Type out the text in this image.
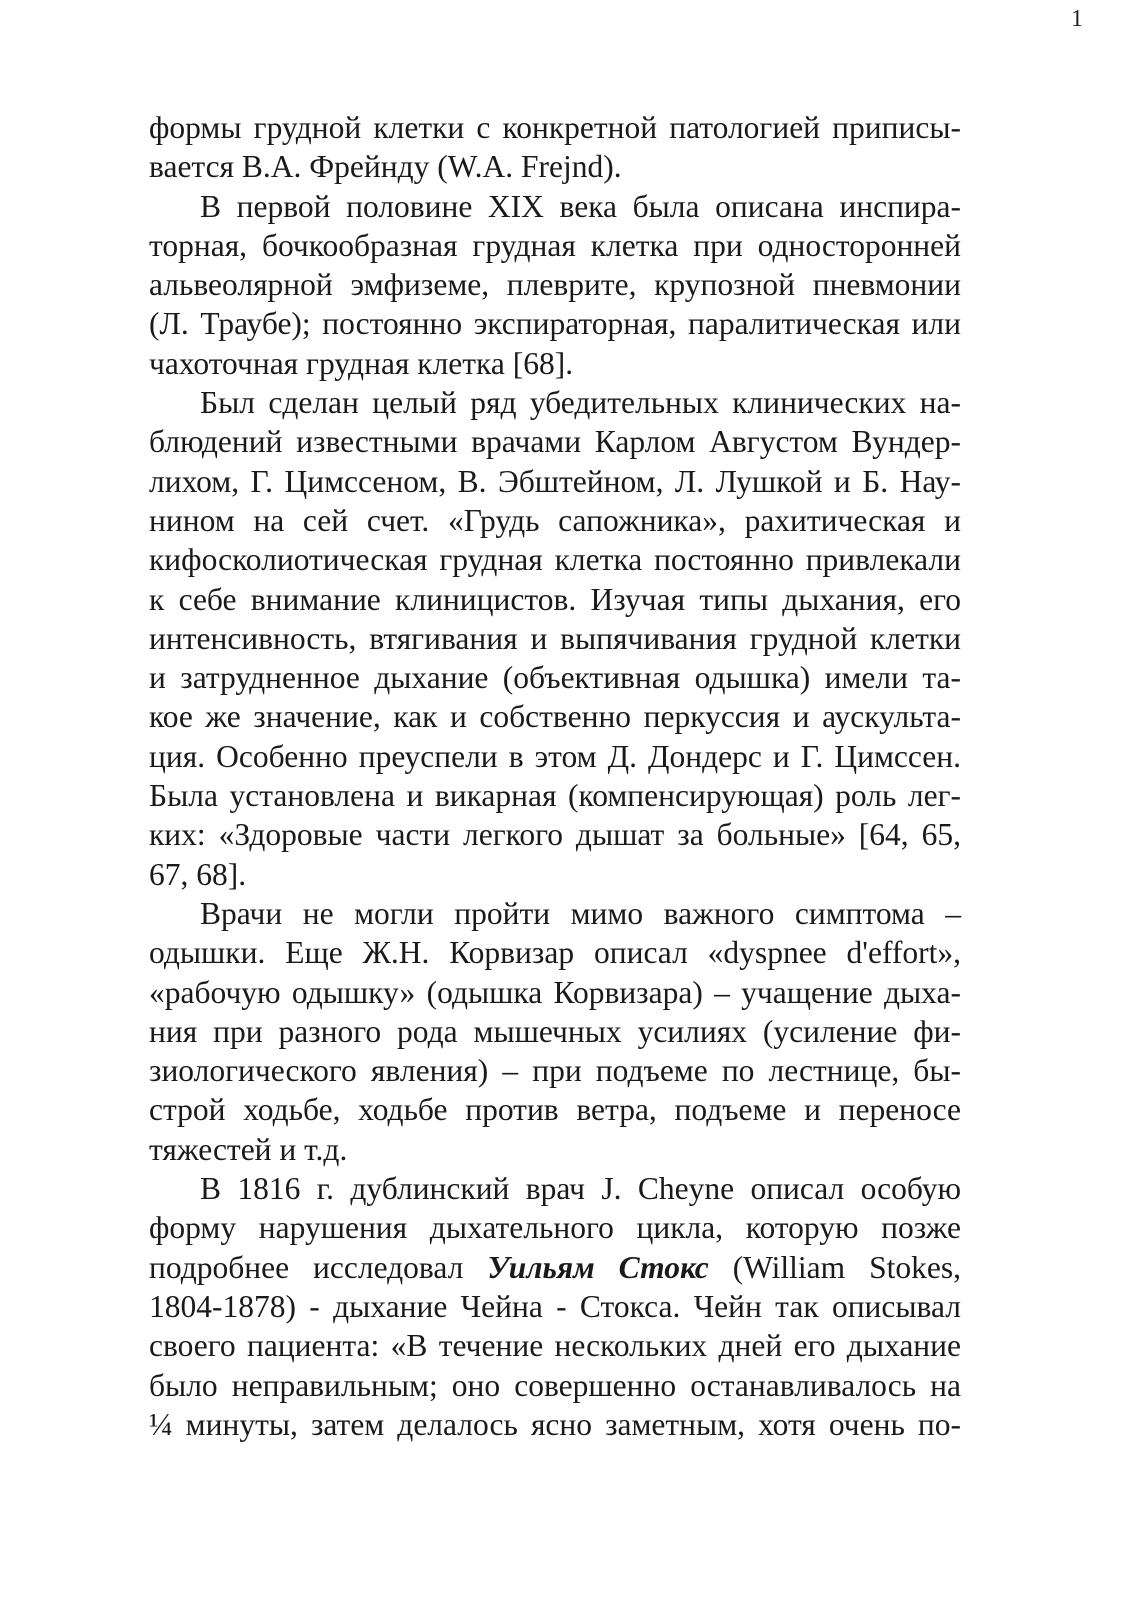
1
формы грудной клетки с конкретной патологией приписы-
вается В.А. Фрейнду (W.A. Frejnd).
В первой половине XIX века была описана инспира-
торная, бочкообразная грудная клетка при односторонней
альвеолярной эмфиземе, плеврите, крупозной пневмонии
(Л. Траубе); постоянно экспираторная, паралитическая или
чахоточная грудная клетка [68].
Был сделан целый ряд убедительных клинических на-
блюдений известными врачами Карлом Августом Вундер-
лихом, Г. Цимссеном, В. Эбштейном, Л. Лушкой и Б. Нау-
нином на сей счет. «Грудь сапожника», рахитическая и
кифосколиотическая грудная клетка постоянно привлекали
к себе внимание клиницистов. Изучая типы дыхания, его
интенсивность, втягивания и выпячивания грудной клетки
и затрудненное дыхание (объективная одышка) имели та-
кое же значение, как и собственно перкуссия и аускульта-
ция. Особенно преуспели в этом Д. Дондерс и Г. Цимссен.
Была установлена и викарная (компенсирующая) роль лег-
ких: «Здоровые части легкого дышат за больные» [64, 65,
67, 68].
Врачи не могли пройти мимо важного симптома –
одышки. Еще Ж.Н. Корвизар описал «dyspnee d'effort»,
«рабочую одышку» (одышка Корвизара) – учащение дыха-
ния при разного рода мышечных усилиях (усиление фи-
зиологического явления) – при подъеме по лестнице, бы-
строй ходьбе, ходьбе против ветра, подъеме и переносе
тяжестей и т.д.
В 1816 г. дублинский врач J. Cheyne описал особую
форму нарушения дыхательного цикла, которую позже
подробнее исследовал Уильям Стокс (William Stokes,
1804-1878) - дыхание Чейна - Стокса. Чейн так описывал
своего пациента: «В течение нескольких дней его дыхание
было неправильным; оно совершенно останавливалось на
¼ минуты, затем делалось ясно заметным, хотя очень по-
